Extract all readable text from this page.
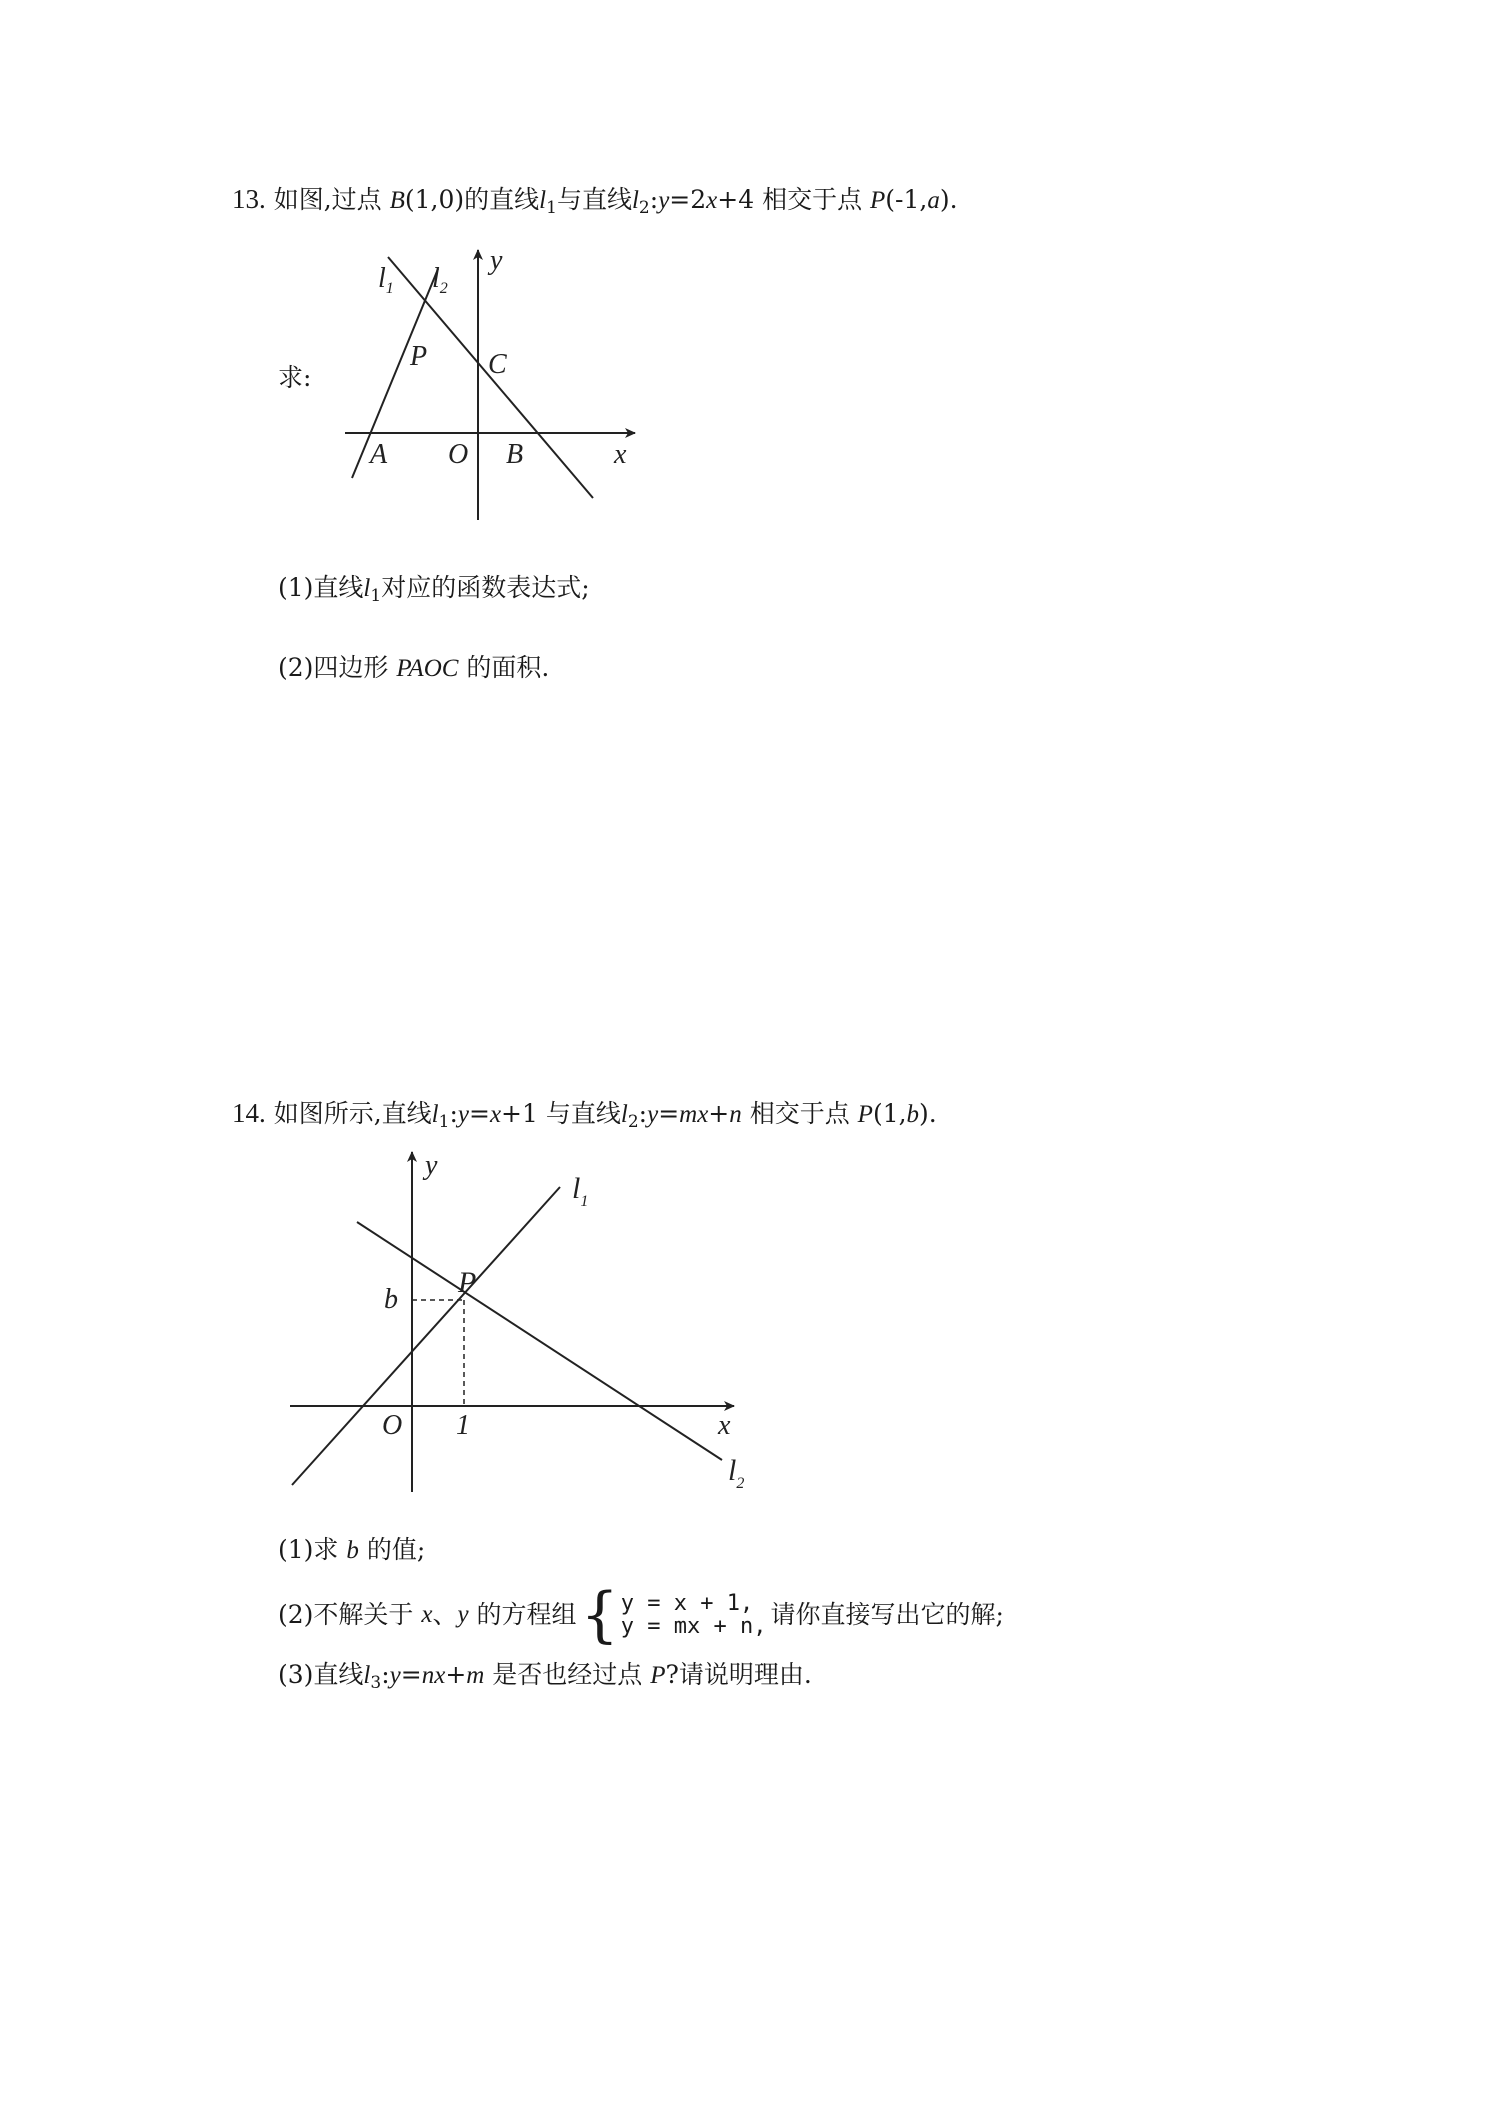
13. 如图,过点 B(1,0)的直线$l_1$与直线$l_2:y=2x+4$ 相交于点 P(-1,a).
求:
$l_1$ $l_2$
y
P C
A O B	x
(1)直线$l_1$对应的函数表达式;
(2)四边形 PAOC 的面积.
14. 如图所示,直线$l_1:y=x+1$ 与直线$l_2:y=mx+n$ 相交于点 P(1,b).
y
$l_1$
P
b
O 1	x
$l_2$
(1)求 b 的值;
(2)不解关于 x、y 的方程组{y = x + 1,
y = mx + n, 请你直接写出它的解;
(3)直线$l_3:y=nx+m$ 是否也经过点 P?请说明理由.
